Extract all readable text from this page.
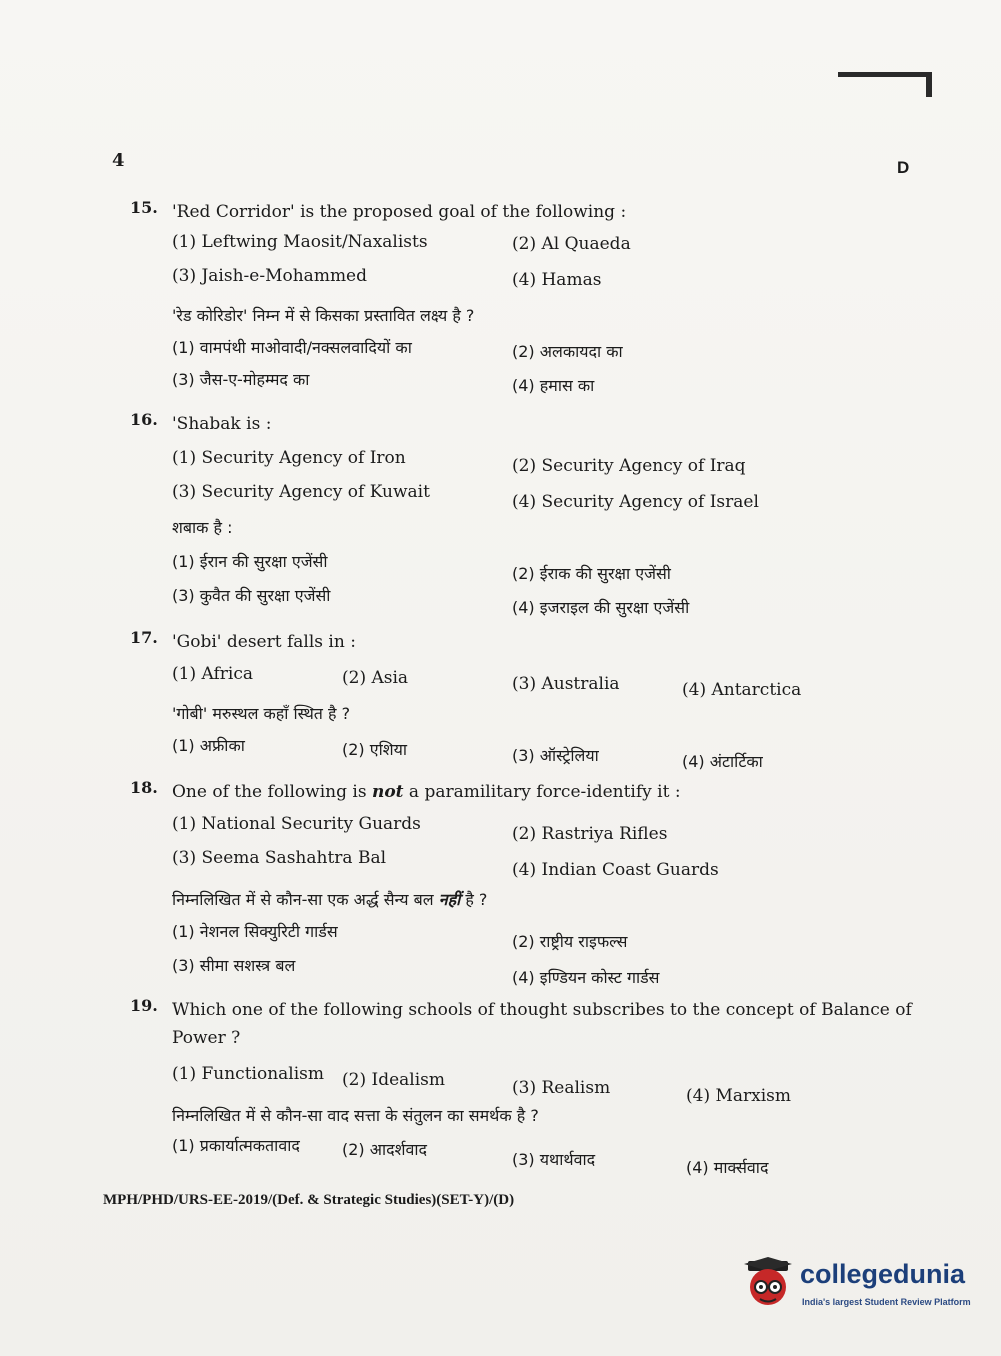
4	D
15. 'Red Corridor' is the proposed goal of the following :
(1) Leftwing Maosit/Naxalists	(2) Al Quaeda
(3) Jaish-e-Mohammed	(4) Hamas
'रेड कोरिडोर' निम्न में से किसका प्रस्तावित लक्ष्य है ?
(1) वामपंथी माओवादी/नक्सलवादियों का	(2) अलकायदा का
(3) जैस-ए-मोहम्मद का	(4) हमास का
16. 'Shabak is :
(1) Security Agency of Iron	(2) Security Agency of Iraq
(3) Security Agency of Kuwait	(4) Security Agency of Israel
शबाक है :
(1) ईरान की सुरक्षा एजेंसी
(2) ईराक की सुरक्षा एजेंसी
(3) कुवैत की सुरक्षा एजेंसी
(4) इजराइल की सुरक्षा एजेंसी
17. 'Gobi' desert falls in :
(1) Africa	(2) Asia	(3) Australia	(4) Antarctica
'गोबी' मरुस्थल कहाँ स्थित है ?
(1) अफ्रीका	(2) एशिया	(3) ऑस्ट्रेलिया	(4) अंटार्टिका
18. One of the following is not a paramilitary force-identify it :
(1) National Security Guards	(2) Rastriya Rifles
(3) Seema Sashahtra Bal
(4) Indian Coast Guards
निम्नलिखित में से कौन-सा एक अर्द्ध सैन्य बल नहीं है ?
(1) नेशनल सिक्युरिटी गार्डस
(2) राष्ट्रीय राइफल्स
(3) सीमा सशस्त्र बल
(4) इण्डियन कोस्ट गार्डस
19. Which one of the following schools of thought subscribes to the concept of Balance of Power ?
(1) Functionalism (2) Idealism	(3) Realism	(4) Marxism
निम्नलिखित में से कौन-सा वाद सत्ता के संतुलन का समर्थक है ?
(1) प्रकार्यात्मकतावाद	(2) आदर्शवाद
(3) यथार्थवाद	(4) मार्क्सवाद
MPH/PHD/URS-EE-2019/(Def. & Strategic Studies)(SET-Y)/(D)
collegedunia
India's largest Student Review Platform
